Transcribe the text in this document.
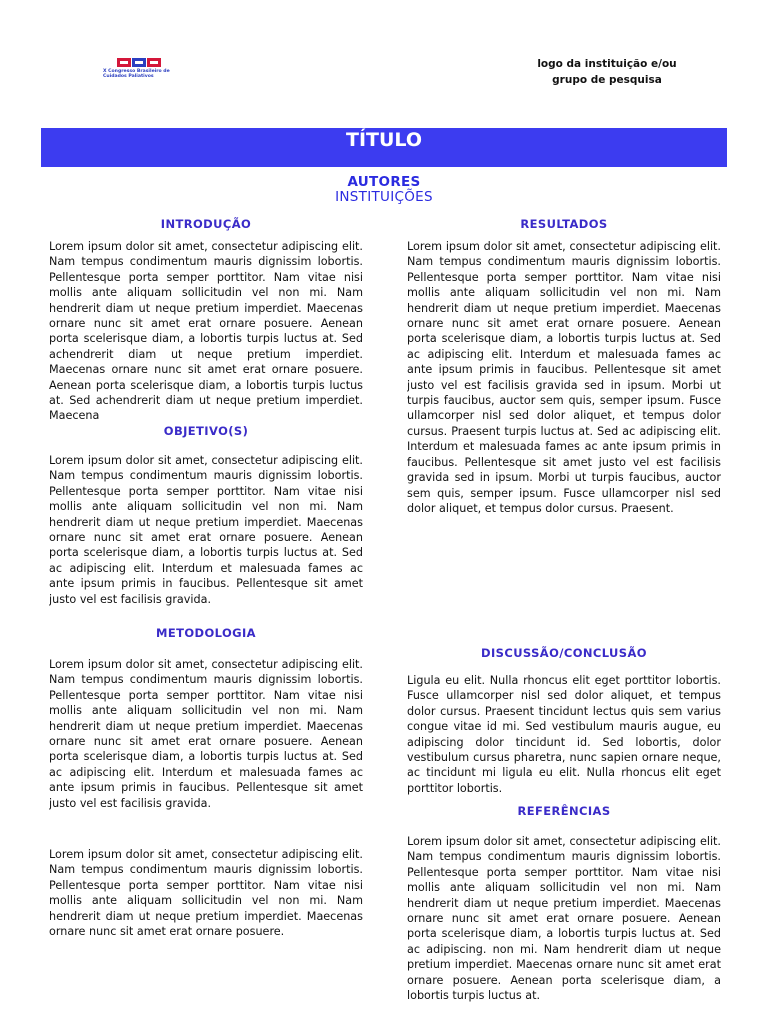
X Congresso Brasileiro de Cuidados Paliativos
logo da instituição e/ou
grupo de pesquisa
TÍTULO
AUTORES
INSTITUIÇÕES
INTRODUÇÃO
Lorem ipsum dolor sit amet, consectetur adipiscing elit. Nam tempus condimentum mauris dignissim lobortis. Pellentesque porta semper porttitor. Nam vitae nisi mollis ante aliquam sollicitudin vel non mi. Nam hendrerit diam ut neque pretium imperdiet. Maecenas ornare nunc sit amet erat ornare posuere. Aenean porta scelerisque diam, a lobortis turpis luctus at. Sed achendrerit diam ut neque pretium imperdiet. Maecenas ornare nunc sit amet erat ornare posuere. Aenean porta scelerisque diam, a lobortis turpis luctus at. Sed achendrerit diam ut neque pretium imperdiet. Maecena
OBJETIVO(S)
Lorem ipsum dolor sit amet, consectetur adipiscing elit. Nam tempus condimentum mauris dignissim lobortis. Pellentesque porta semper porttitor. Nam vitae nisi mollis ante aliquam sollicitudin vel non mi. Nam hendrerit diam ut neque pretium imperdiet. Maecenas ornare nunc sit amet erat ornare posuere. Aenean porta scelerisque diam, a lobortis turpis luctus at. Sed ac adipiscing elit. Interdum et malesuada fames ac ante ipsum primis in faucibus. Pellentesque sit amet justo vel est facilisis gravida.
METODOLOGIA
Lorem ipsum dolor sit amet, consectetur adipiscing elit. Nam tempus condimentum mauris dignissim lobortis. Pellentesque porta semper porttitor. Nam vitae nisi mollis ante aliquam sollicitudin vel non mi. Nam hendrerit diam ut neque pretium imperdiet. Maecenas ornare nunc sit amet erat ornare posuere. Aenean porta scelerisque diam, a lobortis turpis luctus at. Sed ac adipiscing elit. Interdum et malesuada fames ac ante ipsum primis in faucibus. Pellentesque sit amet justo vel est facilisis gravida.
Lorem ipsum dolor sit amet, consectetur adipiscing elit. Nam tempus condimentum mauris dignissim lobortis. Pellentesque porta semper porttitor. Nam vitae nisi mollis ante aliquam sollicitudin vel non mi. Nam hendrerit diam ut neque pretium imperdiet. Maecenas ornare nunc sit amet erat ornare posuere.
RESULTADOS
Lorem ipsum dolor sit amet, consectetur adipiscing elit. Nam tempus condimentum mauris dignissim lobortis. Pellentesque porta semper porttitor. Nam vitae nisi mollis ante aliquam sollicitudin vel non mi. Nam hendrerit diam ut neque pretium imperdiet. Maecenas ornare nunc sit amet erat ornare posuere. Aenean porta scelerisque diam, a lobortis turpis luctus at. Sed ac adipiscing elit. Interdum et malesuada fames ac ante ipsum primis in faucibus. Pellentesque sit amet justo vel est facilisis gravida sed in ipsum. Morbi ut turpis faucibus, auctor sem quis, semper ipsum. Fusce ullamcorper nisl sed dolor aliquet, et tempus dolor cursus. Praesent turpis luctus at. Sed ac adipiscing elit. Interdum et malesuada fames ac ante ipsum primis in faucibus. Pellentesque sit amet justo vel est facilisis gravida sed in ipsum. Morbi ut turpis faucibus, auctor sem quis, semper ipsum. Fusce ullamcorper nisl sed dolor aliquet, et tempus dolor cursus. Praesent.
DISCUSSÃO/CONCLUSÃO
Ligula eu elit. Nulla rhoncus elit eget porttitor lobortis. Fusce ullamcorper nisl sed dolor aliquet, et tempus dolor cursus. Praesent tincidunt lectus quis sem varius congue vitae id mi. Sed vestibulum mauris augue, eu adipiscing dolor tincidunt id. Sed lobortis, dolor vestibulum cursus pharetra, nunc sapien ornare neque, ac tincidunt mi ligula eu elit. Nulla rhoncus elit eget porttitor lobortis.
REFERÊNCIAS
Lorem ipsum dolor sit amet, consectetur adipiscing elit. Nam tempus condimentum mauris dignissim lobortis. Pellentesque porta semper porttitor. Nam vitae nisi mollis ante aliquam sollicitudin vel non mi. Nam hendrerit diam ut neque pretium imperdiet. Maecenas ornare nunc sit amet erat ornare posuere. Aenean porta scelerisque diam, a lobortis turpis luctus at. Sed ac adipiscing. non mi. Nam hendrerit diam ut neque pretium imperdiet. Maecenas ornare nunc sit amet erat ornare posuere. Aenean porta scelerisque diam, a lobortis turpis luctus at.
